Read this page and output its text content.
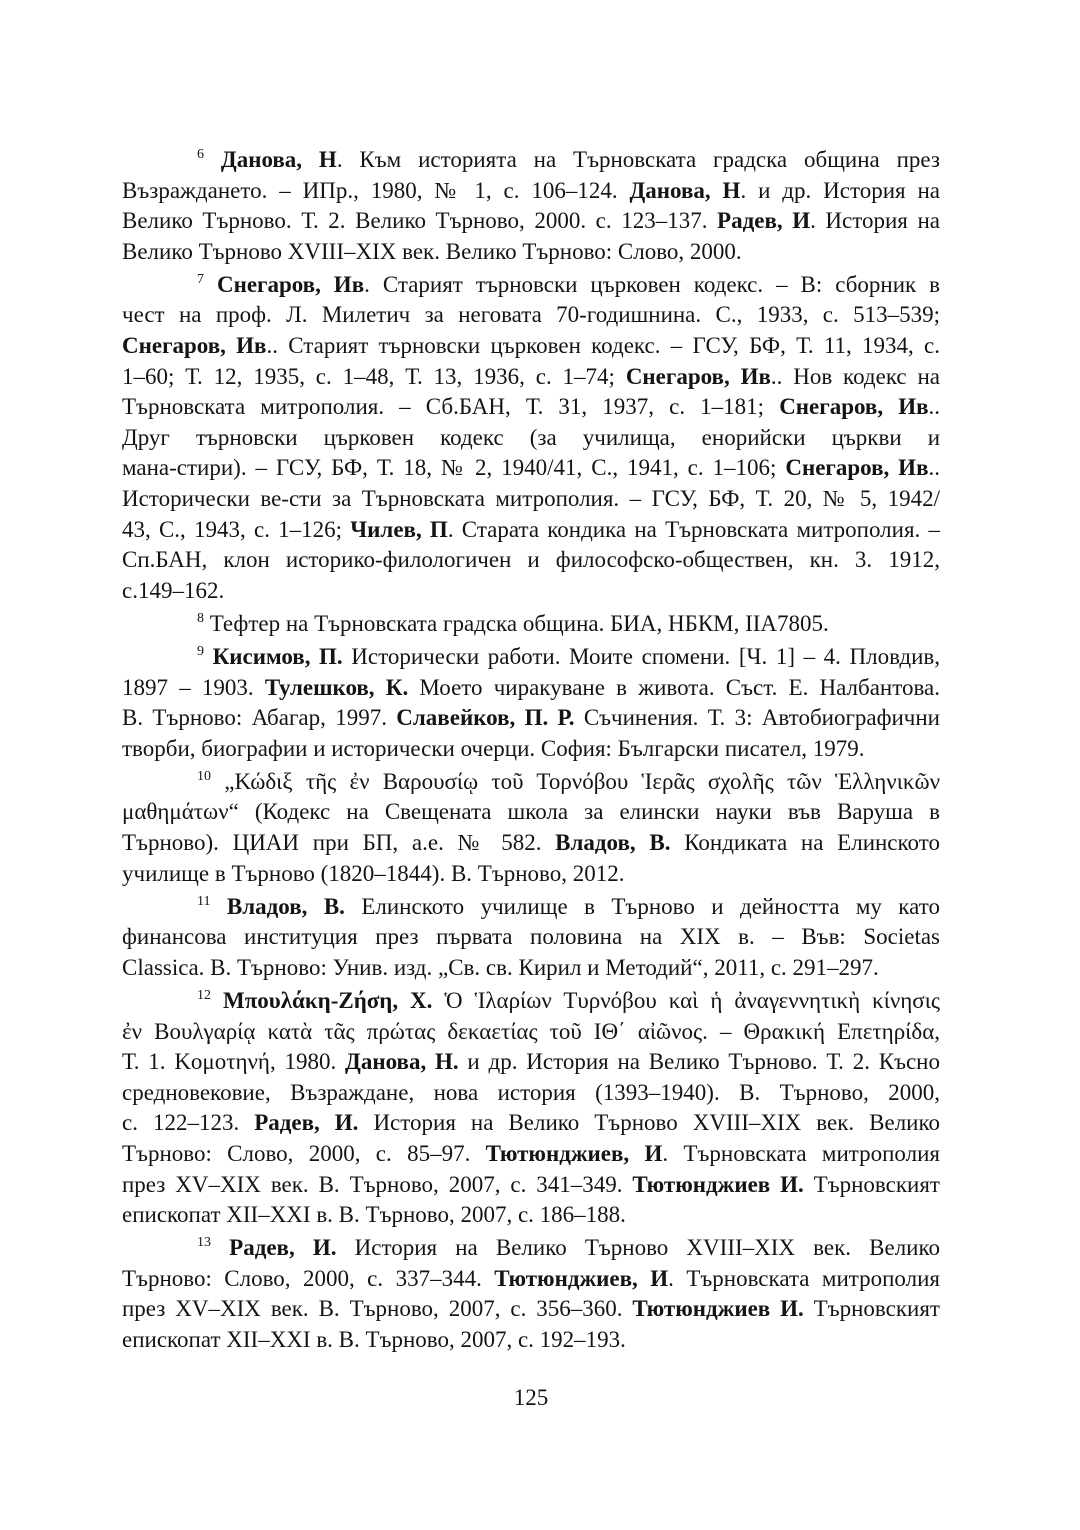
$^6$ Данова, Н. Към историята на Търновската градска община през
Възраждането. – ИПр., 1980, № 1, с. 106–124. Данова, Н. и др. История на
Велико Търново. Т. 2. Велико Търново, 2000. с. 123–137. Радев, И. История на
Велико Търново XVIII–XIX век. Велико Търново: Слово, 2000.
$^7$ Снегаров, Ив. Старият търновски църковен кодекс. – В: сборник в
чест на проф. Л. Милетич за неговата 70-годишнина. С., 1933, с. 513–539;
Снегаров, Ив.. Старият търновски църковен кодекс. – ГСУ, БФ, Т. 11, 1934, с.
1–60; Т. 12, 1935, с. 1–48, Т. 13, 1936, с. 1–74; Снегаров, Ив.. Нов кодекс на
Търновската митрополия. – Сб.БАН, Т. 31, 1937, с. 1–181; Снегаров, Ив..
Друг търновски църковен кодекс (за училища, енорийски църкви и
мана-стири). – ГСУ, БФ, Т. 18, № 2, 1940/41, С., 1941, с. 1–106; Снегаров, Ив..
Исторически ве-сти за Търновската митрополия. – ГСУ, БФ, Т. 20, № 5, 1942/
43, С., 1943, с. 1–126; Чилев, П. Старата кондика на Търновската митрополия. –
Сп.БАН, клон историко-филологичен и философско-обществен, кн. 3. 1912,
с.149–162.
$^8$ Тефтер на Търновската градска община. БИА, НБКМ, IIA7805.
$^9$ Кисимов, П. Исторически работи. Моите спомени. [Ч. 1] – 4. Пловдив,
1897 – 1903. Тулешков, К. Моето чиракуване в живота. Съст. Е. Налбантова.
В. Търново: Абагар, 1997. Славейков, П. Р. Съчинения. Т. 3: Автобиографични
творби, биографии и исторически очерци. София: Български писател, 1979.
$^{10}$ „Κώδιξ τῆς ἐν Βαρουσίῳ τοῦ Τορνόβου Ἱερᾶς σχολῆς τῶν Ἑλληνικῶν
μαθημάτων“ (Кодекс на Свещената школа за елински науки във Варуша в
Търново). ЦИАИ при БП, а.е. № 582. Владов, В. Кондиката на Елинското
училище в Търново (1820–1844). В. Търново, 2012.
$^{11}$ Владов, В. Елинското училище в Търново и дейността му като
финансова институция през първата половина на XIX в. – Във: Societas
Classica. В. Търново: Унив. изд. „Св. св. Кирил и Методий“, 2011, с. 291–297.
$^{12}$ Μπουλάκη-Ζήση, Χ. Ὁ Ἱλαρίων Τυρνόβου καὶ ἡ ἀναγεννητικὴ κίνησις
ἐν Βουλγαρίᾳ κατὰ τᾶς πρώτας δεκαετίας τοῦ ΙΘ΄ αἰῶνος. – Θρακική Επετηρίδα,
Т. 1. Κομοτηνή, 1980. Данова, Н. и др. История на Велико Търново. Т. 2. Късно
средновековие, Възраждане, нова история (1393–1940). В. Търново, 2000,
с. 122–123. Радев, И. История на Велико Търново XVIII–XIX век. Велико
Търново: Слово, 2000, с. 85–97. Тютюнджиев, И. Търновската митрополия
през XV–XIX век. В. Търново, 2007, с. 341–349. Тютюнджиев И. Търновският
епископат XII–XXI в. В. Търново, 2007, с. 186–188.
$^{13}$ Радев, И. История на Велико Търново XVIII–XIX век. Велико
Търново: Слово, 2000, с. 337–344. Тютюнджиев, И. Търновската митрополия
през XV–XIX век. В. Търново, 2007, с. 356–360. Тютюнджиев И. Търновският
епископат XII–XXI в. В. Търново, 2007, с. 192–193.
125
